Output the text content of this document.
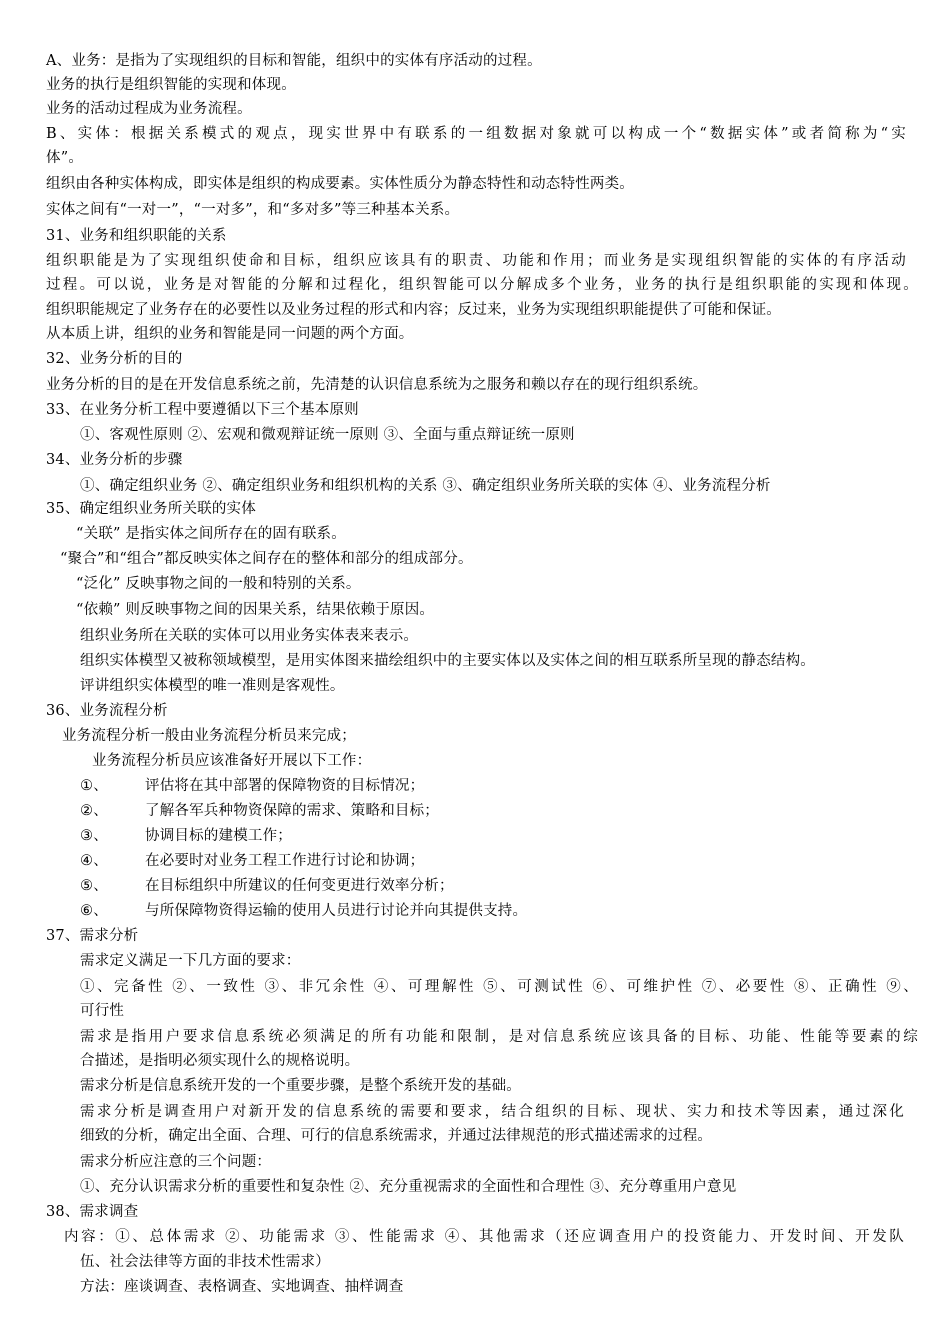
A、业务：是指为了实现组织的目标和智能，组织中的实体有序活动的过程。
业务的执行是组织智能的实现和体现。
业务的活动过程成为业务流程。
B、实体：根据关系模式的观点，现实世界中有联系的一组数据对象就可以构成一个“数据实体”或者简称为“实
体”。
组织由各种实体构成，即实体是组织的构成要素。实体性质分为静态特性和动态特性两类。
实体之间有“一对一”，“一对多”，和“多对多”等三种基本关系。
31、业务和组织职能的关系
组织职能是为了实现组织使命和目标，组织应该具有的职责、功能和作用；而业务是实现组织智能的实体的有序活动
过程。可以说，业务是对智能的分解和过程化，组织智能可以分解成多个业务，业务的执行是组织职能的实现和体现。
组织职能规定了业务存在的必要性以及业务过程的形式和内容；反过来，业务为实现组织职能提供了可能和保证。
从本质上讲，组织的业务和智能是同一问题的两个方面。
32、业务分析的目的
业务分析的目的是在开发信息系统之前，先清楚的认识信息系统为之服务和赖以存在的现行组织系统。
33、在业务分析工程中要遵循以下三个基本原则
①、客观性原则 ②、宏观和微观辩证统一原则 ③、全面与重点辩证统一原则
34、业务分析的步骤
①、确定组织业务 ②、确定组织业务和组织机构的关系 ③、确定组织业务所关联的实体 ④、业务流程分析
35、确定组织业务所关联的实体
“关联” 是指实体之间所存在的固有联系。
“聚合”和“组合”都反映实体之间存在的整体和部分的组成部分。
“泛化” 反映事物之间的一般和特别的关系。
“依赖” 则反映事物之间的因果关系，结果依赖于原因。
组织业务所在关联的实体可以用业务实体表来表示。
组织实体模型又被称领域模型，是用实体图来描绘组织中的主要实体以及实体之间的相互联系所呈现的静态结构。
评讲组织实体模型的唯一准则是客观性。
36、业务流程分析
业务流程分析一般由业务流程分析员来完成；
业务流程分析员应该准备好开展以下工作：
①、	评估将在其中部署的保障物资的目标情况；
②、	了解各军兵种物资保障的需求、策略和目标；
③、	协调目标的建模工作；
④、	在必要时对业务工程工作进行讨论和协调；
⑤、	在目标组织中所建议的任何变更进行效率分析；
⑥、	与所保障物资得运输的使用人员进行讨论并向其提供支持。
37、需求分析
需求定义满足一下几方面的要求：
①、完备性 ②、一致性 ③、非冗余性 ④、可理解性 ⑤、可测试性 ⑥、可维护性 ⑦、必要性 ⑧、正确性 ⑨、
可行性
需求是指用户要求信息系统必须满足的所有功能和限制，是对信息系统应该具备的目标、功能、性能等要素的综
合描述，是指明必须实现什么的规格说明。
需求分析是信息系统开发的一个重要步骤，是整个系统开发的基础。
需求分析是调查用户对新开发的信息系统的需要和要求，结合组织的目标、现状、实力和技术等因素，通过深化
细致的分析，确定出全面、合理、可行的信息系统需求，并通过法律规范的形式描述需求的过程。
需求分析应注意的三个问题：
①、充分认识需求分析的重要性和复杂性 ②、充分重视需求的全面性和合理性 ③、充分尊重用户意见
38、需求调查
内容：①、总体需求 ②、功能需求 ③、性能需求 ④、其他需求（还应调查用户的投资能力、开发时间、开发队
伍、社会法律等方面的非技术性需求）
方法：座谈调查、表格调查、实地调查、抽样调查
